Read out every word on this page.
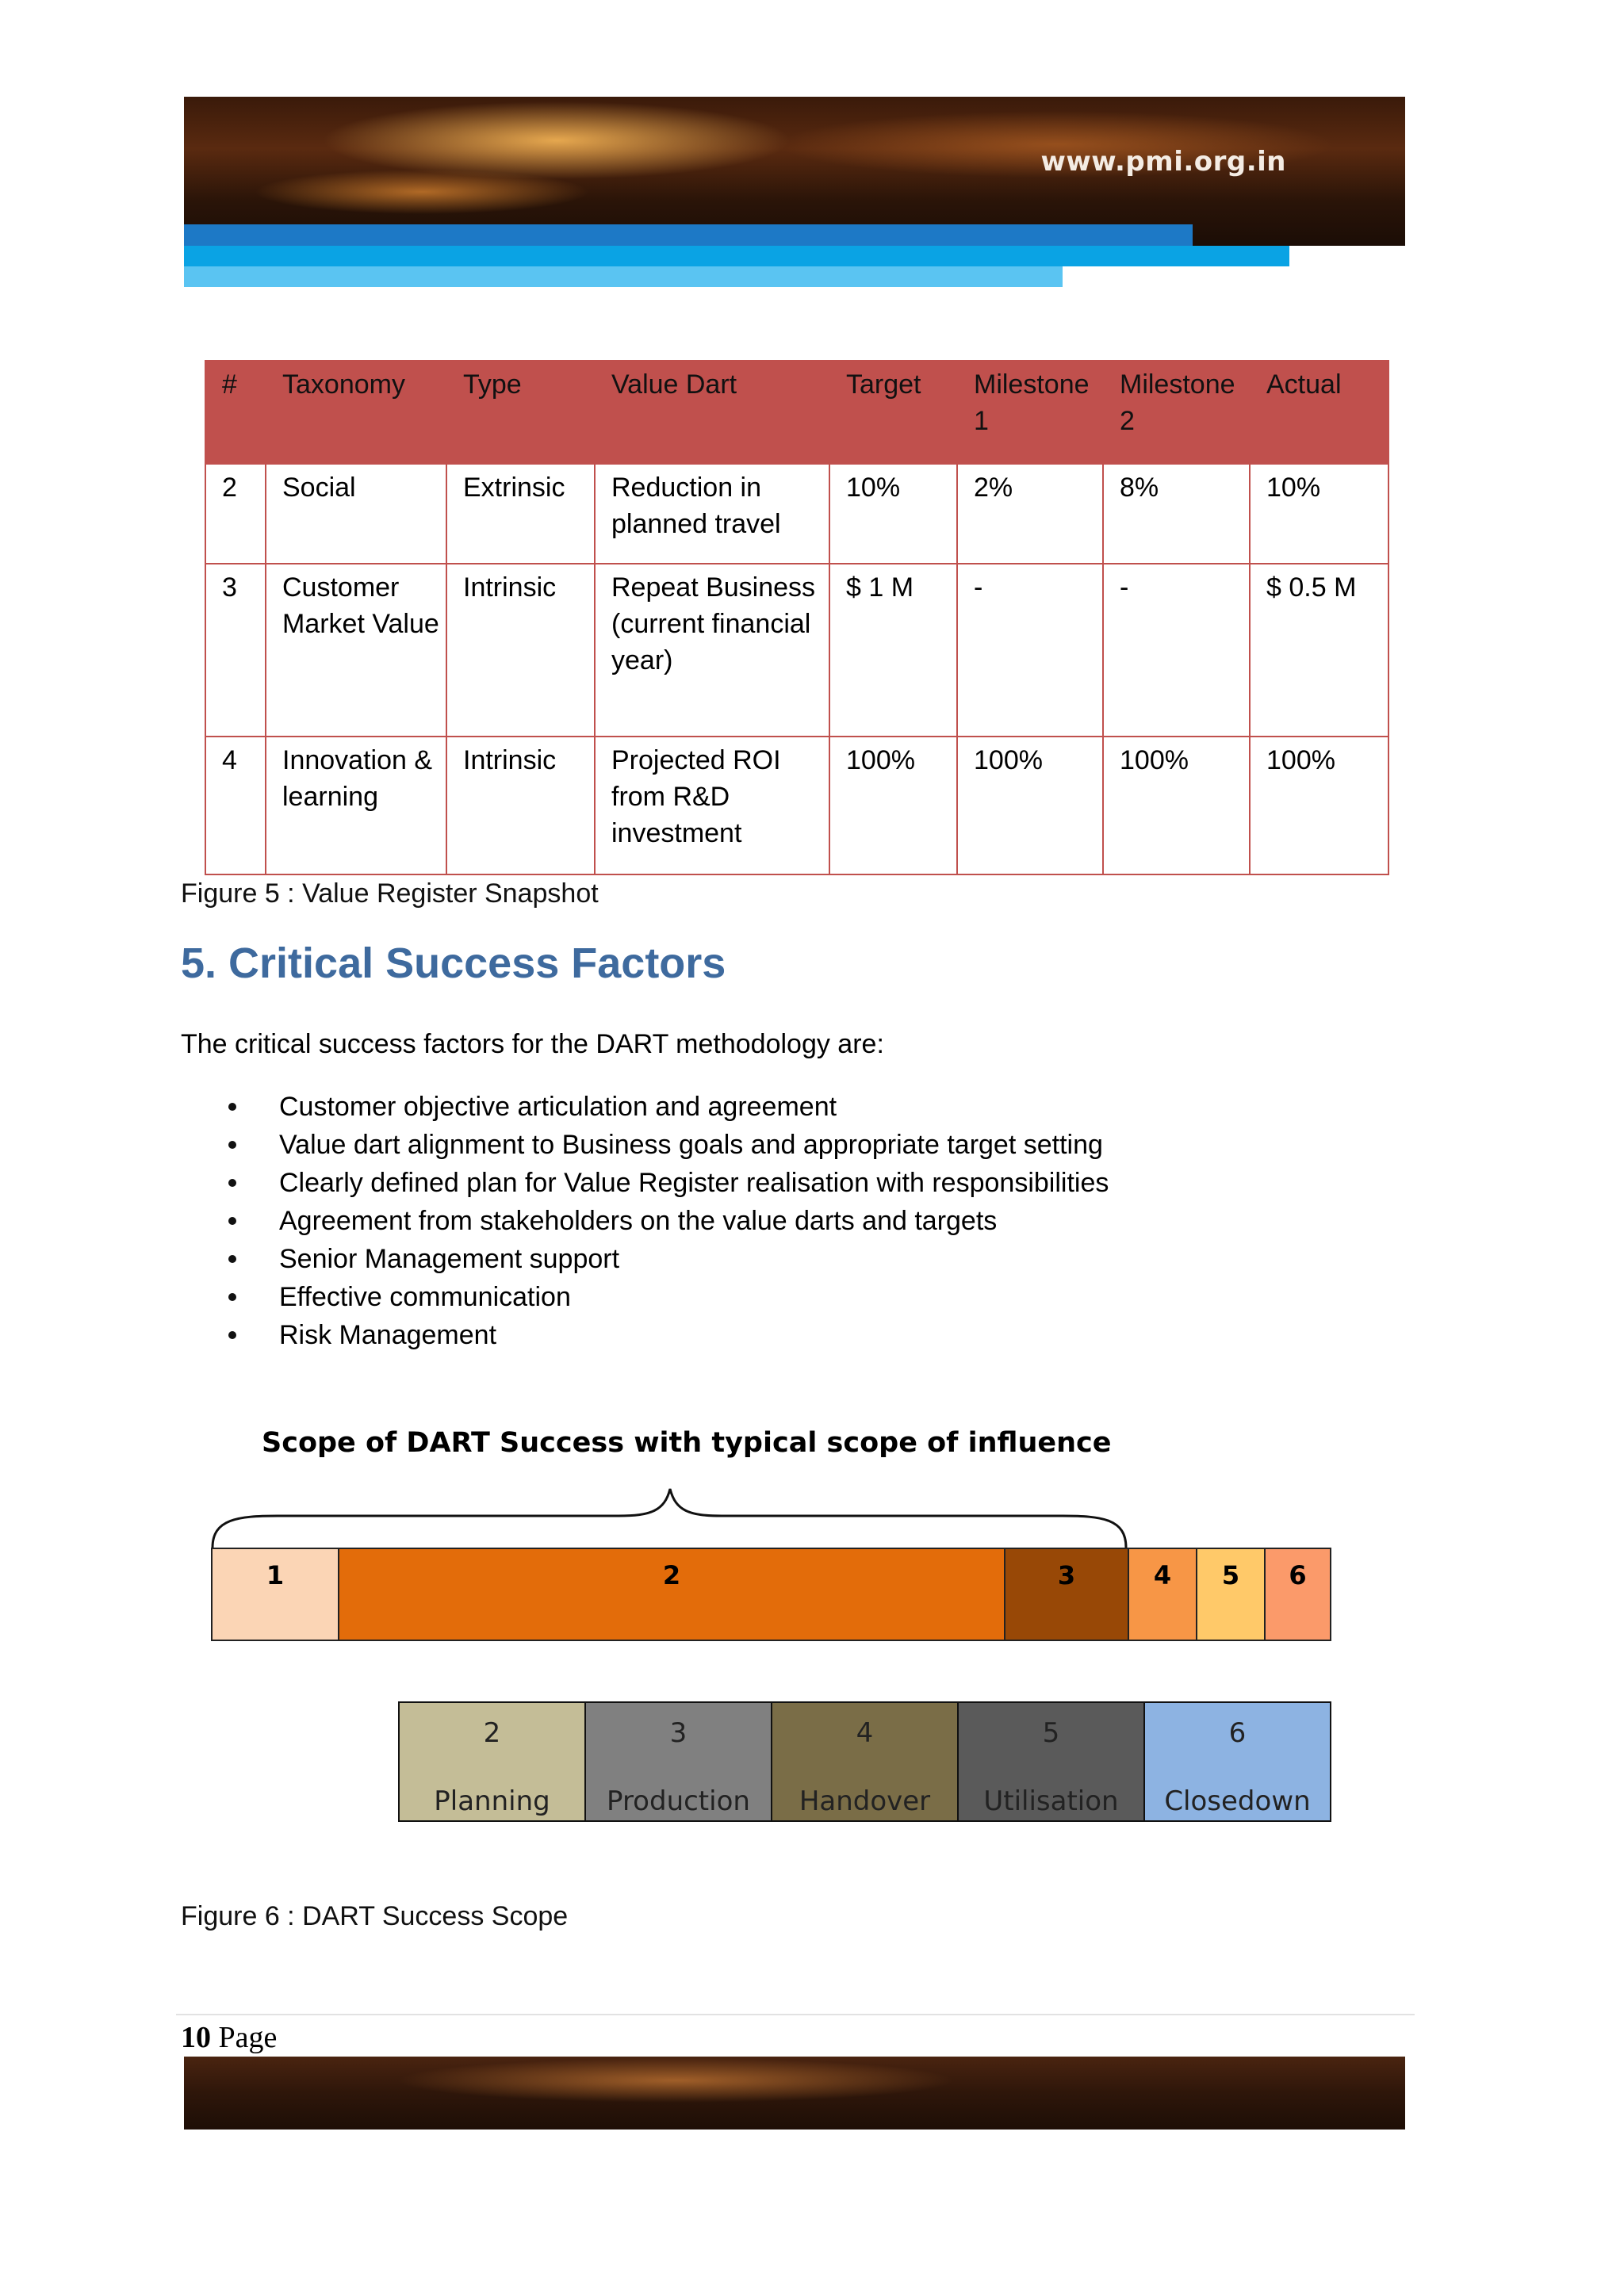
www.pmi.org.in
#	Taxonomy	Type	Value Dart	Target	Milestone 1	Milestone 2	Actual
2	Social	Extrinsic	Reduction in planned travel	10%	2%	8%	10%
3	Customer Market Value	Intrinsic	Repeat Business (current financial year)	$ 1 M	-	-	$ 0.5 M
4	Innovation & learning	Intrinsic	Projected ROI from R&D investment	100%	100%	100%	100%
Figure 5 : Value Register Snapshot
5. Critical Success Factors
The critical success factors for the DART methodology are:
Customer objective articulation and agreement
Value dart alignment to Business goals and appropriate target setting
Clearly defined plan for Value Register realisation with responsibilities
Agreement from stakeholders on the value darts and targets
Senior Management support
Effective communication
Risk Management
Scope of DART Success with typical scope of influence
1	2	3	4 5 6
2
Planning
3
Production
4
Handover
5
Utilisation
6
Closedown
Figure 6 : DART Success Scope
10 Page
